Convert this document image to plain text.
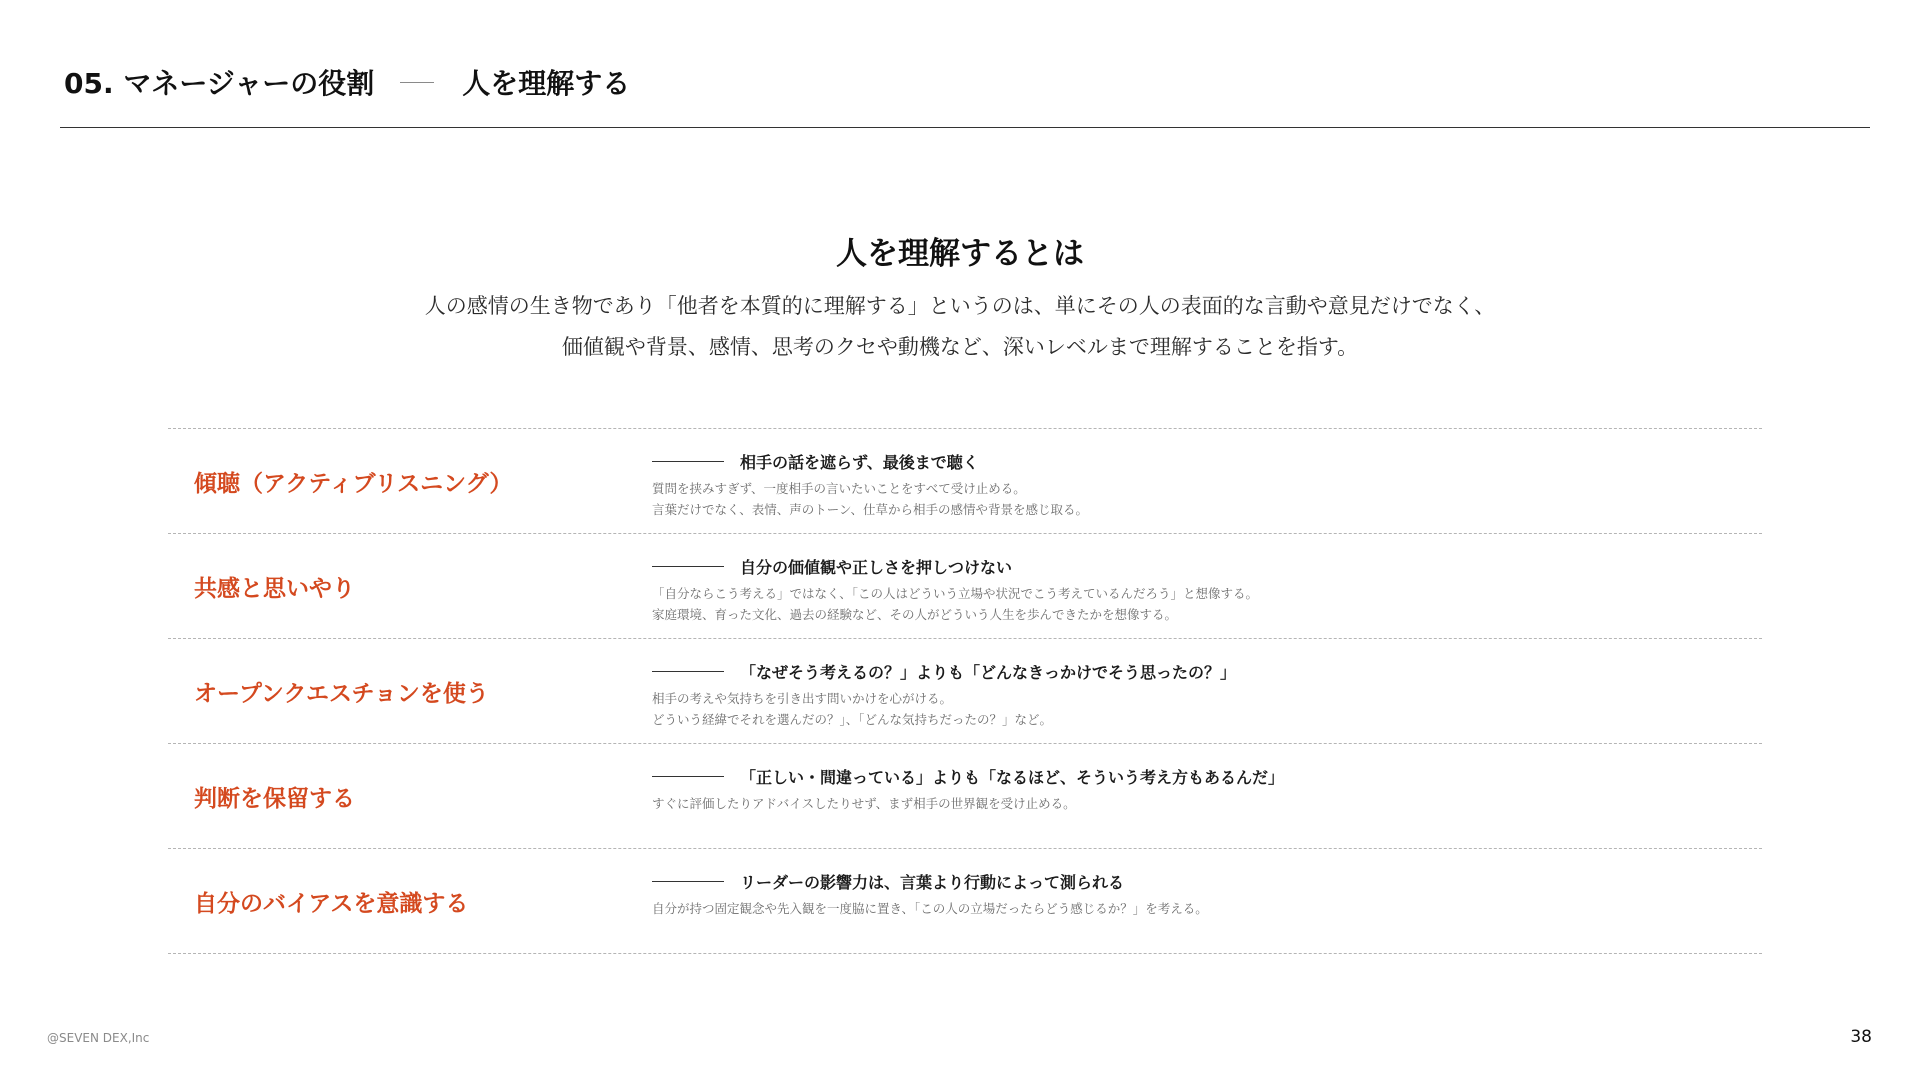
05. マネージャーの役割	人を理解する
人を理解するとは
人の感情の生き物であり「他者を本質的に理解する」というのは、単にその人の表面的な言動や意見だけでなく、
価値観や背景、感情、思考のクセや動機など、深いレベルまで理解することを指す。
傾聴（アクティブリスニング）
相手の話を遮らず、最後まで聴く
質問を挟みすぎず、一度相手の言いたいことをすべて受け止める。
言葉だけでなく、表情、声のトーン、仕草から相手の感情や背景を感じ取る。
共感と思いやり
自分の価値観や正しさを押しつけない
「自分ならこう考える」ではなく、「この人はどういう立場や状況でこう考えているんだろう」と想像する。
家庭環境、育った文化、過去の経験など、その人がどういう人生を歩んできたかを想像する。
オープンクエスチョンを使う
「なぜそう考えるの？」よりも「どんなきっかけでそう思ったの？」
相手の考えや気持ちを引き出す問いかけを心がける。
どういう経緯でそれを選んだの？」、「どんな気持ちだったの？」など。
判断を保留する
「正しい・間違っている」よりも「なるほど、そういう考え方もあるんだ」
すぐに評価したりアドバイスしたりせず、まず相手の世界観を受け止める。
自分のバイアスを意識する
リーダーの影響力は、言葉より行動によって測られる
自分が持つ固定観念や先入観を一度脇に置き、「この人の立場だったらどう感じるか？」を考える。
@SEVEN DEX,Inc	38
